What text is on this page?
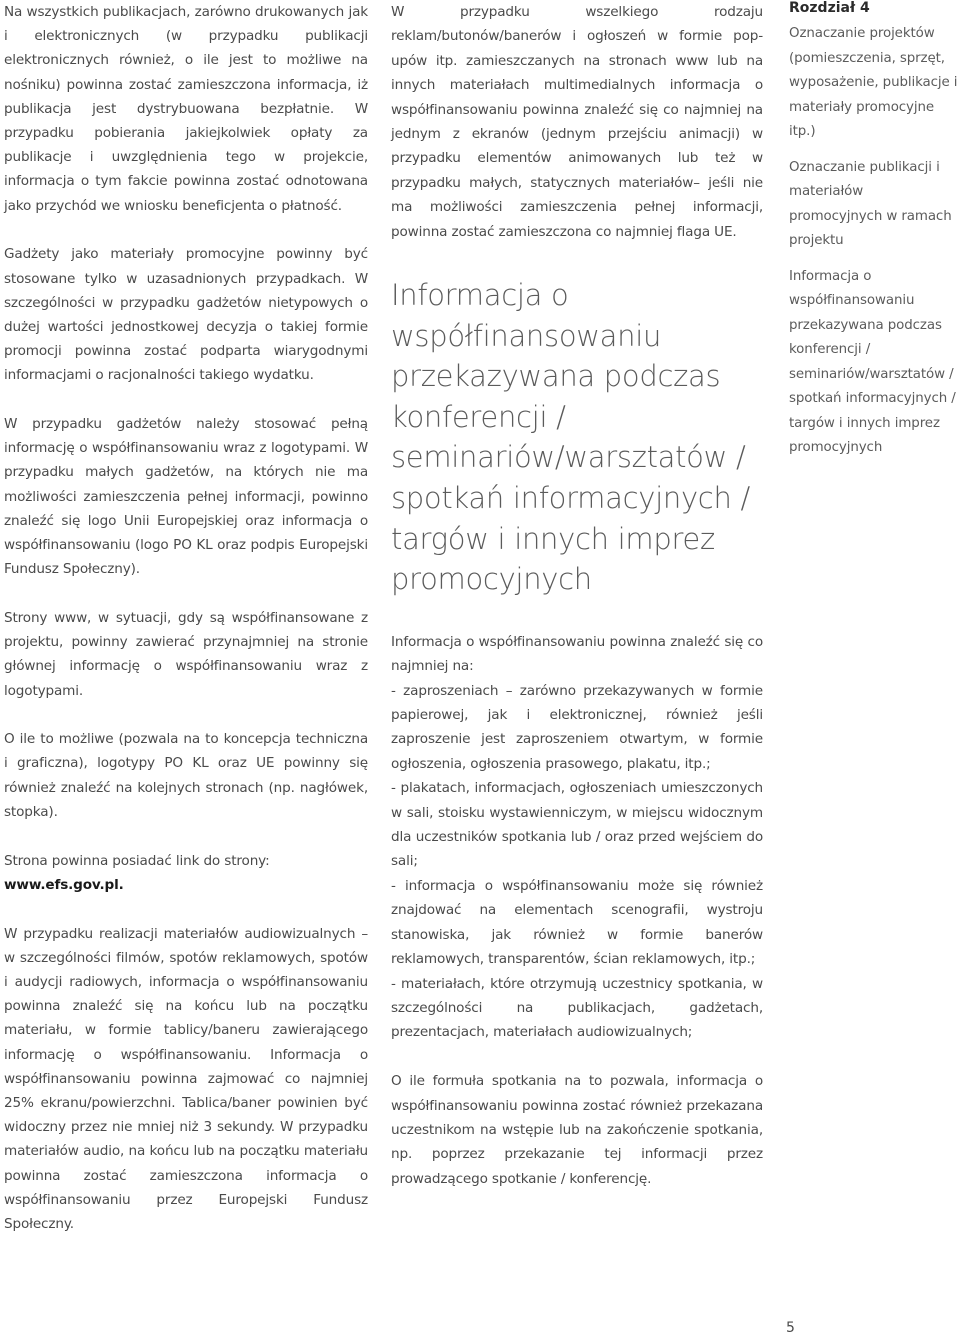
Na wszystkich publikacjach, zarówno drukowanych jak i elektronicznych (w przypadku publikacji elektronicznych również, o ile jest to możliwe na nośniku) powinna zostać zamieszczona informacja, iż publikacja jest dystrybuowana bezpłatnie. W przypadku pobierania jakiejkolwiek opłaty za publikacje i uwzględnienia tego w projekcie, informacja o tym fakcie powinna zostać odnotowana jako przychód we wniosku beneficjenta o płatność.

Gadżety jako materiały promocyjne powinny być stosowane tylko w uzasadnionych przypadkach. W szczególności w przypadku gadżetów nietypowych o dużej wartości jednostkowej decyzja o takiej formie promocji powinna zostać podparta wiarygodnymi informacjami o racjonalności takiego wydatku.

W przypadku gadżetów należy stosować pełną informację o współfinansowaniu wraz z logotypami. W przypadku małych gadżetów, na których nie ma możliwości zamieszczenia pełnej informacji, powinno znaleźć się logo Unii Europejskiej oraz informacja o współfinansowaniu (logo PO KL oraz podpis Europejski Fundusz Społeczny).

Strony www, w sytuacji, gdy są współfinansowane z projektu, powinny zawierać przynajmniej na stronie głównej informację o współfinansowaniu wraz z logotypami.

O ile to możliwe (pozwala na to koncepcja techniczna i graficzna), logotypy PO KL oraz UE powinny się również znaleźć na kolejnych stronach (np. nagłówek, stopka).

Strona powinna posiadać link do strony:

www.efs.gov.pl.

W przypadku realizacji materiałów audiowizualnych – w szczególności filmów, spotów reklamowych, spotów i audycji radiowych, informacja o współfinansowaniu powinna znaleźć się na końcu lub na początku materiału, w formie tablicy/baneru zawierającego informację o współfinansowaniu. Informacja o współfinansowaniu powinna zajmować co najmniej 25% ekranu/powierzchni. Tablica/baner powinien być widoczny przez nie mniej niż 3 sekundy. W przypadku materiałów audio, na końcu lub na początku materiału powinna zostać zamieszczona informacja o współfinansowaniu przez Europejski Fundusz Społeczny.

W przypadku wszelkiego rodzaju reklam/butonów/banerów i ogłoszeń w formie pop-upów itp. zamieszczanych na stronach www lub na innych materiałach multimedialnych informacja o współfinansowaniu powinna znaleźć się co najmniej na jednym z ekranów (jednym przejściu animacji) w przypadku elementów animowanych lub też w przypadku małych, statycznych materiałów– jeśli nie ma możliwości zamieszczenia pełnej informacji, powinna zostać zamieszczona co najmniej flaga UE.

Informacja o współfinansowaniu przekazywana podczas konferencji / seminariów/warsztatów / spotkań informacyjnych / targów i innych imprez promocyjnych

Informacja o współfinansowaniu powinna znaleźć się co najmniej na:

- zaproszeniach – zarówno przekazywanych w formie papierowej, jak i elektronicznej, również jeśli zaproszenie jest zaproszeniem otwartym, w formie ogłoszenia, ogłoszenia prasowego, plakatu, itp.;

- plakatach, informacjach, ogłoszeniach umieszczonych w sali, stoisku wystawienniczym, w miejscu widocznym dla uczestników spotkania lub / oraz przed wejściem do sali;

- informacja o współfinansowaniu może się również znajdować na elementach scenografii, wystroju stanowiska, jak również w formie banerów reklamowych, transparentów, ścian reklamowych, itp.;

- materiałach, które otrzymują uczestnicy spotkania, w szczególności na publikacjach, gadżetach, prezentacjach, materiałach audiowizualnych;

O ile formuła spotkania na to pozwala, informacja o współfinansowaniu powinna zostać również przekazana uczestnikom na wstępie lub na zakończenie spotkania, np. poprzez przekazanie tej informacji przez prowadzącego spotkanie / konferencję.

Rozdział 4

Oznaczanie projektów (pomieszczenia, sprzęt, wyposażenie, publikacje i materiały promocyjne itp.)

Oznaczanie publikacji i materiałów promocyjnych w ramach projektu

Informacja o współfinansowaniu przekazywana podczas konferencji / seminariów/warsztatów / spotkań informacyjnych / targów i innych imprez promocyjnych

5
